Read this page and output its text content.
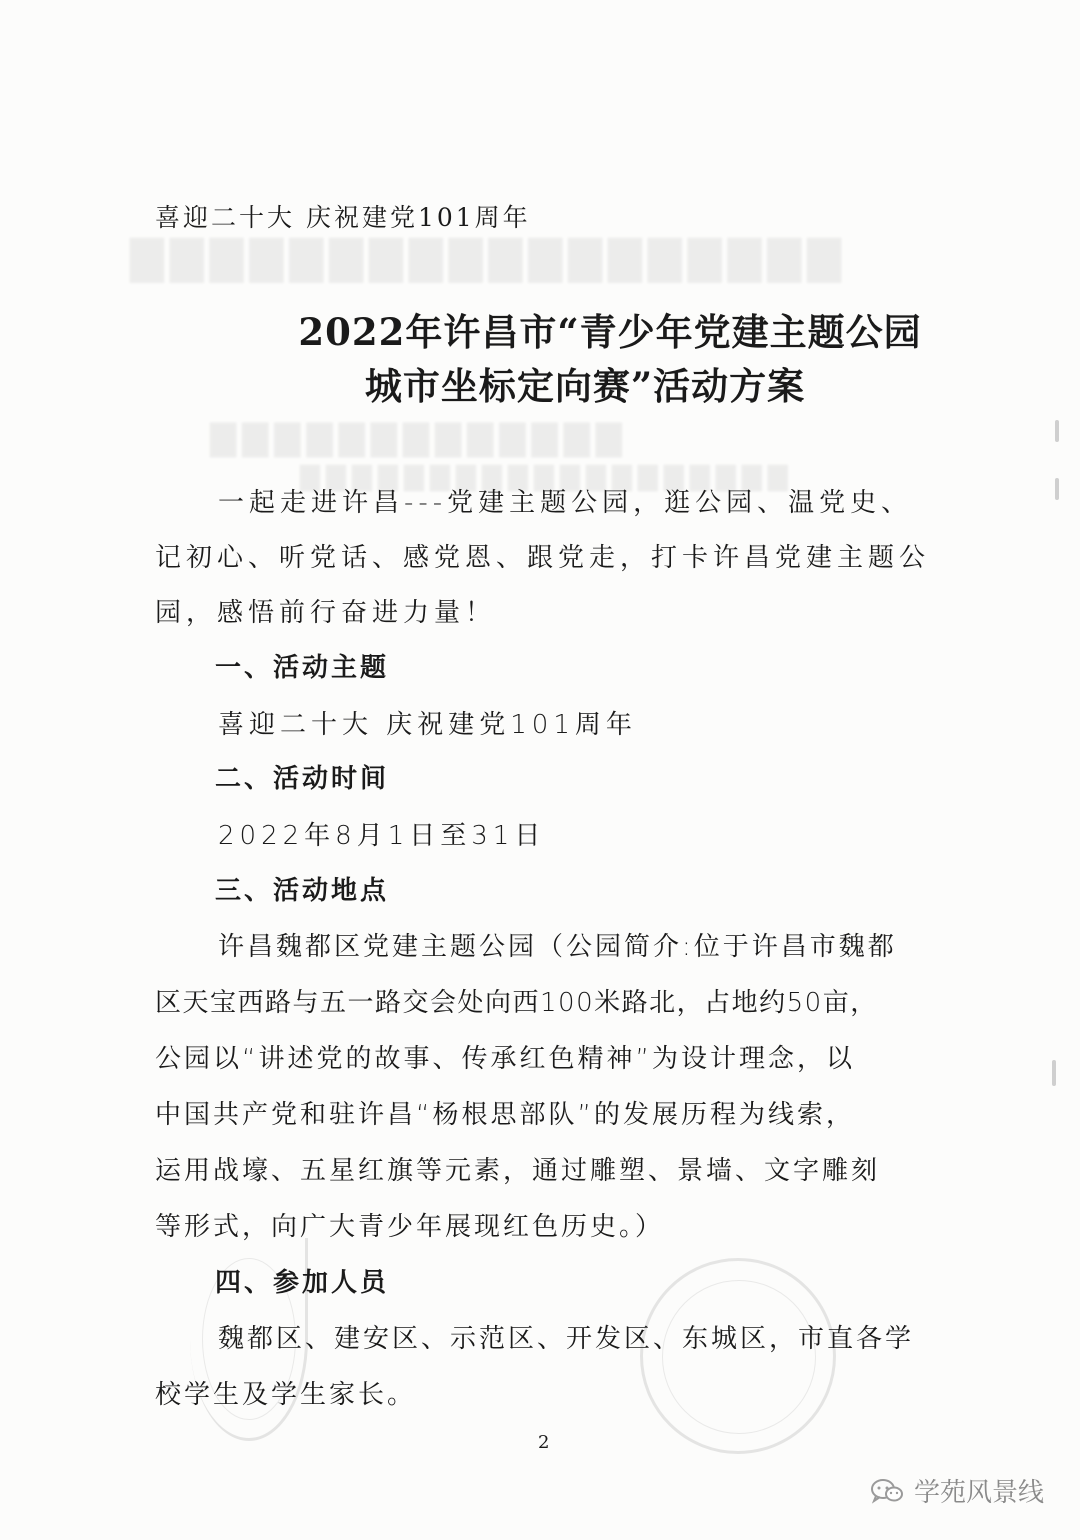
▇▇▇▇▇▇▇▇▇▇▇▇▇▇▇▇▇▇
▇▇▇▇▇▇▇▇▇▇▇▇▇
▇▇▇▇▇▇▇▇▇▇▇▇▇▇▇▇▇▇▇
喜迎二十大 庆祝建党101周年
2022年许昌市“青少年党建主题公园
城市坐标定向赛”活动方案
一起走进许昌---党建主题公园，逛公园、温党史、
记初心、听党话、感党恩、跟党走，打卡许昌党建主题公
园，感悟前行奋进力量！
一、活动主题
喜迎二十大 庆祝建党101周年
二、活动时间
2022年8月1日至31日
三、活动地点
许昌魏都区党建主题公园（公园简介:位于许昌市魏都
区天宝西路与五一路交会处向西100米路北，占地约50亩，
公园以“讲述党的故事、传承红色精神”为设计理念，以
中国共产党和驻许昌“杨根思部队”的发展历程为线索，
运用战壕、五星红旗等元素，通过雕塑、景墙、文字雕刻
等形式，向广大青少年展现红色历史。）
四、参加人员
魏都区、建安区、示范区、开发区、东城区，市直各学
校学生及学生家长。
2
学苑风景线
